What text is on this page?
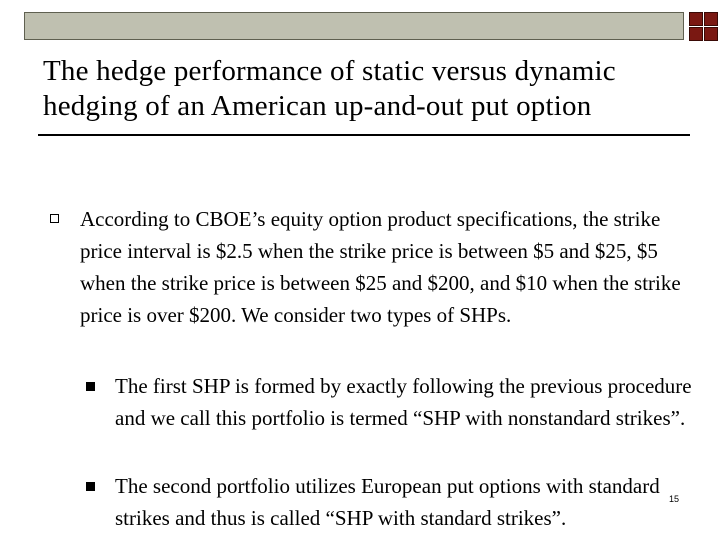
The hedge performance of static versus dynamic
hedging of an American up-and-out put option
According to CBOE’s equity option product specifications, the strike price interval is $2.5 when the strike price is between $5 and $25, $5 when the strike price is between $25 and $200, and $10 when the strike price is over $200. We consider two types of SHPs.
The first SHP is formed by exactly following the previous procedure and we call this portfolio is termed “SHP with nonstandard strikes”.
The second portfolio utilizes European put options with standard strikes and thus is called “SHP with standard strikes”.
15
